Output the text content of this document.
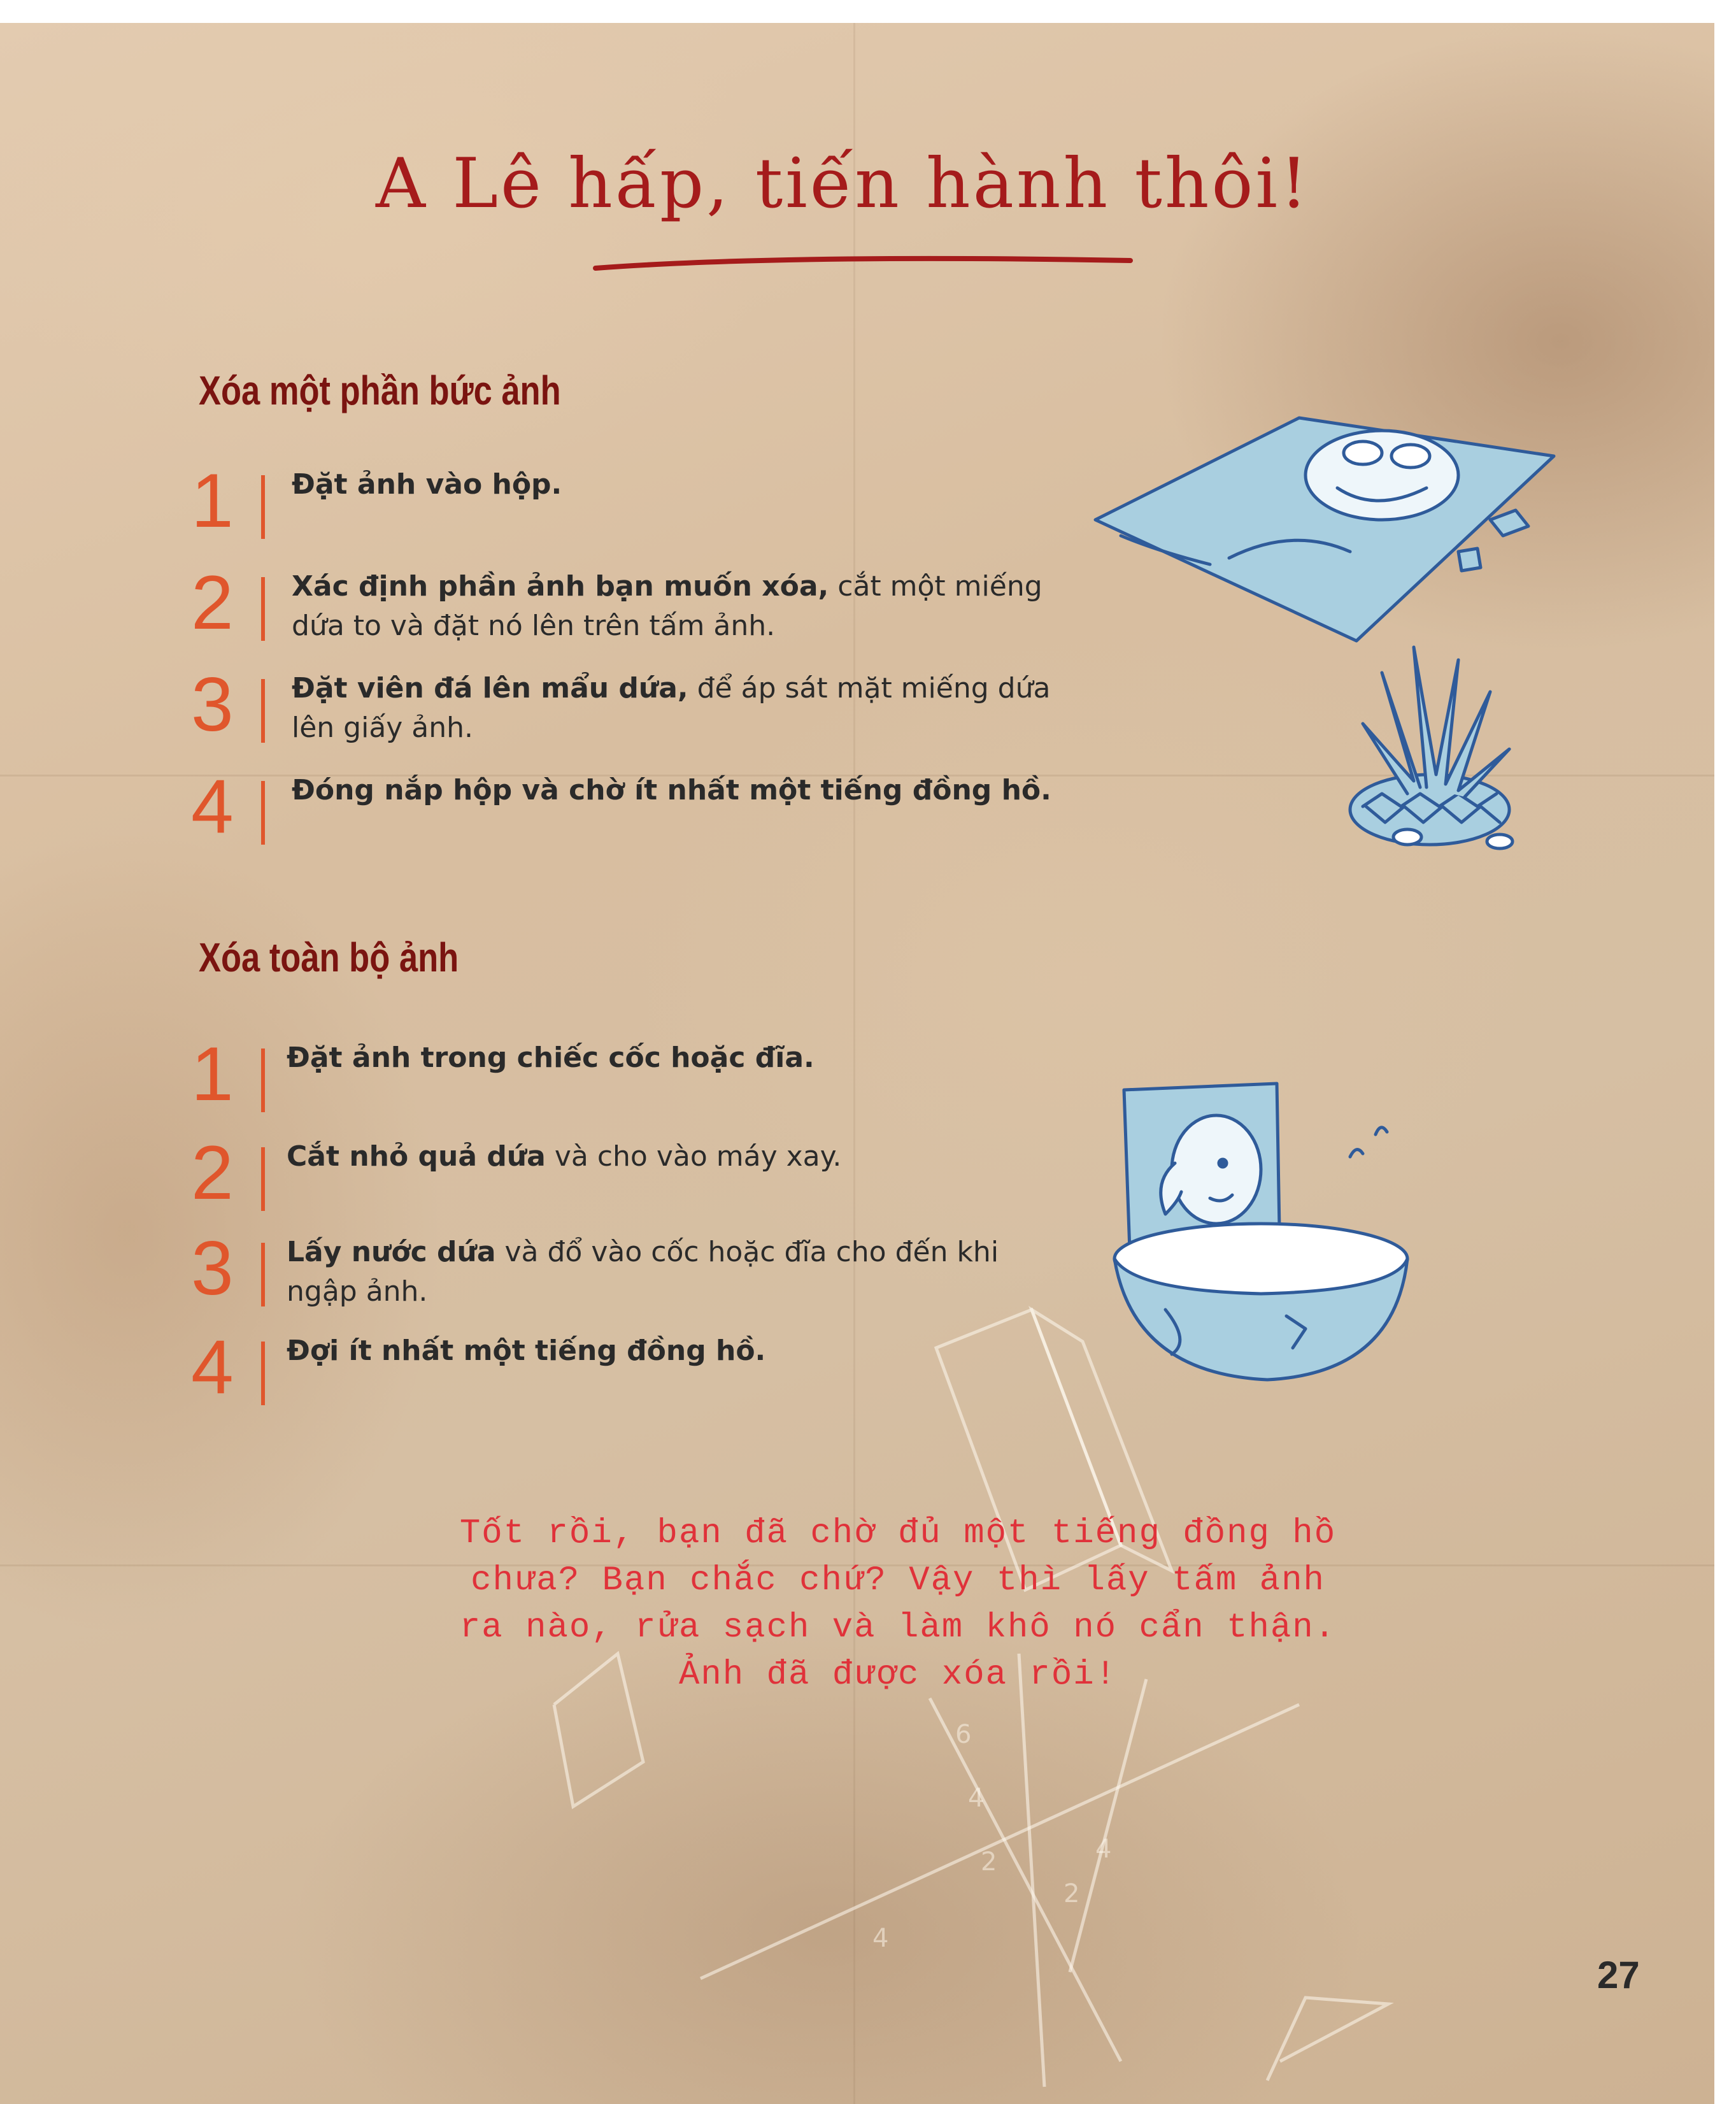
6
4
2
4
2
4
A Lê hấp, tiến hành thôi!
Xóa một phần bức ảnh
1 Đặt ảnh vào hộp.
2 Xác định phần ảnh bạn muốn xóa, cắt một miếng
dứa to và đặt nó lên trên tấm ảnh.
3 Đặt viên đá lên mẩu dứa, để áp sát mặt miếng dứa
lên giấy ảnh.
4 Đóng nắp hộp và chờ ít nhất một tiếng đồng hồ.
Xóa toàn bộ ảnh
1 Đặt ảnh trong chiếc cốc hoặc đĩa.
2 Cắt nhỏ quả dứa và cho vào máy xay.
3 Lấy nước dứa và đổ vào cốc hoặc đĩa cho đến khi
ngập ảnh.
4 Đợi ít nhất một tiếng đồng hồ.
Tốt rồi, bạn đã chờ đủ một tiếng đồng hồ
chưa? Bạn chắc chứ? Vậy thì lấy tấm ảnh
ra nào, rửa sạch và làm khô nó cẩn thận.
Ảnh đã được xóa rồi!
27
